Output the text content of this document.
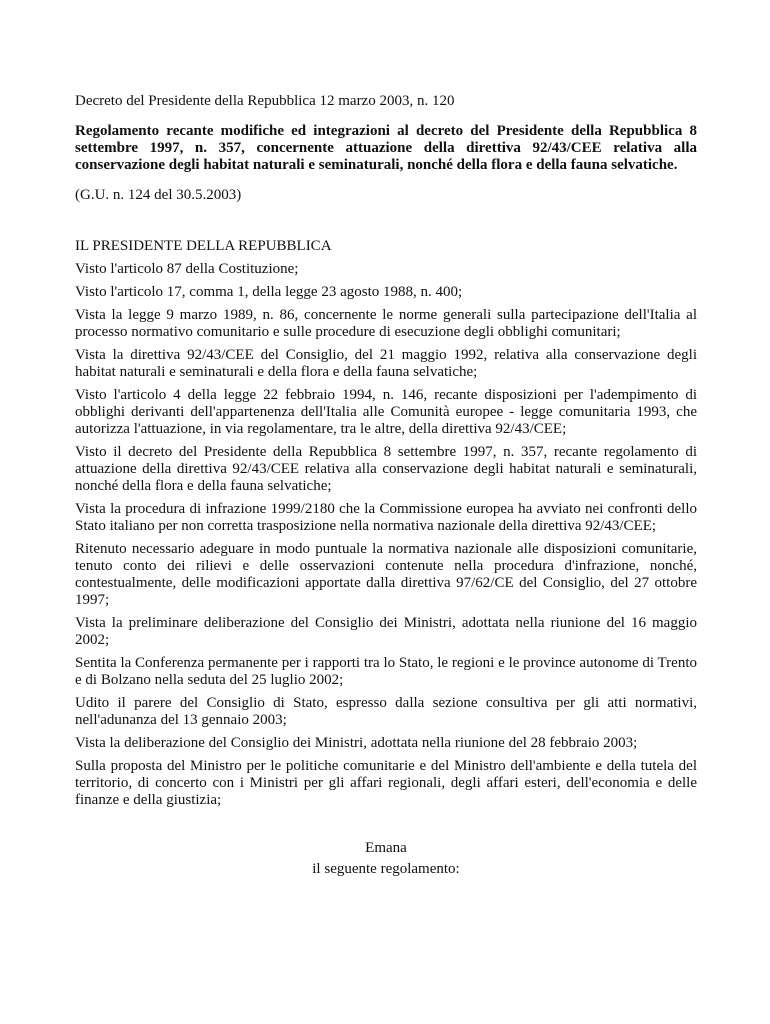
Decreto del Presidente della Repubblica 12 marzo 2003, n. 120

Regolamento recante modifiche ed integrazioni al decreto del Presidente della Repubblica 8 settembre 1997, n. 357, concernente attuazione della direttiva 92/43/CEE relativa alla conservazione degli habitat naturali e seminaturali, nonché della flora e della fauna selvatiche.

(G.U. n. 124 del 30.5.2003)

IL PRESIDENTE DELLA REPUBBLICA

Visto l'articolo 87 della Costituzione;

Visto l'articolo 17, comma 1, della legge 23 agosto 1988, n. 400;

Vista la legge 9 marzo 1989, n. 86, concernente le norme generali sulla partecipazione dell'Italia al processo normativo comunitario e sulle procedure di esecuzione degli obblighi comunitari;

Vista la direttiva 92/43/CEE del Consiglio, del 21 maggio 1992, relativa alla conservazione degli habitat naturali e seminaturali e della flora e della fauna selvatiche;

Visto l'articolo 4 della legge 22 febbraio 1994, n. 146, recante disposizioni per l'adempimento di obblighi derivanti dell'appartenenza dell'Italia alle Comunità europee - legge comunitaria 1993, che autorizza l'attuazione, in via regolamentare, tra le altre, della direttiva 92/43/CEE;

Visto il decreto del Presidente della Repubblica 8 settembre 1997, n. 357, recante regolamento di attuazione della direttiva 92/43/CEE relativa alla conservazione degli habitat naturali e seminaturali, nonché della flora e della fauna selvatiche;

Vista la procedura di infrazione 1999/2180 che la Commissione europea ha avviato nei confronti dello Stato italiano per non corretta trasposizione nella normativa nazionale della direttiva 92/43/CEE;

Ritenuto necessario adeguare in modo puntuale la normativa nazionale alle disposizioni comunitarie, tenuto conto dei rilievi e delle osservazioni contenute nella procedura d'infrazione, nonché, contestualmente, delle modificazioni apportate dalla direttiva 97/62/CE del Consiglio, del 27 ottobre 1997;

Vista la preliminare deliberazione del Consiglio dei Ministri, adottata nella riunione del 16 maggio 2002;

Sentita la Conferenza permanente per i rapporti tra lo Stato, le regioni e le province autonome di Trento e di Bolzano nella seduta del 25 luglio 2002;

Udito il parere del Consiglio di Stato, espresso dalla sezione consultiva per gli atti normativi, nell'adunanza del 13 gennaio 2003;

Vista la deliberazione del Consiglio dei Ministri, adottata nella riunione del 28 febbraio 2003;

Sulla proposta del Ministro per le politiche comunitarie e del Ministro dell'ambiente e della tutela del territorio, di concerto con i Ministri per gli affari regionali, degli affari esteri, dell'economia e delle finanze e della giustizia;

Emana

il seguente regolamento:
